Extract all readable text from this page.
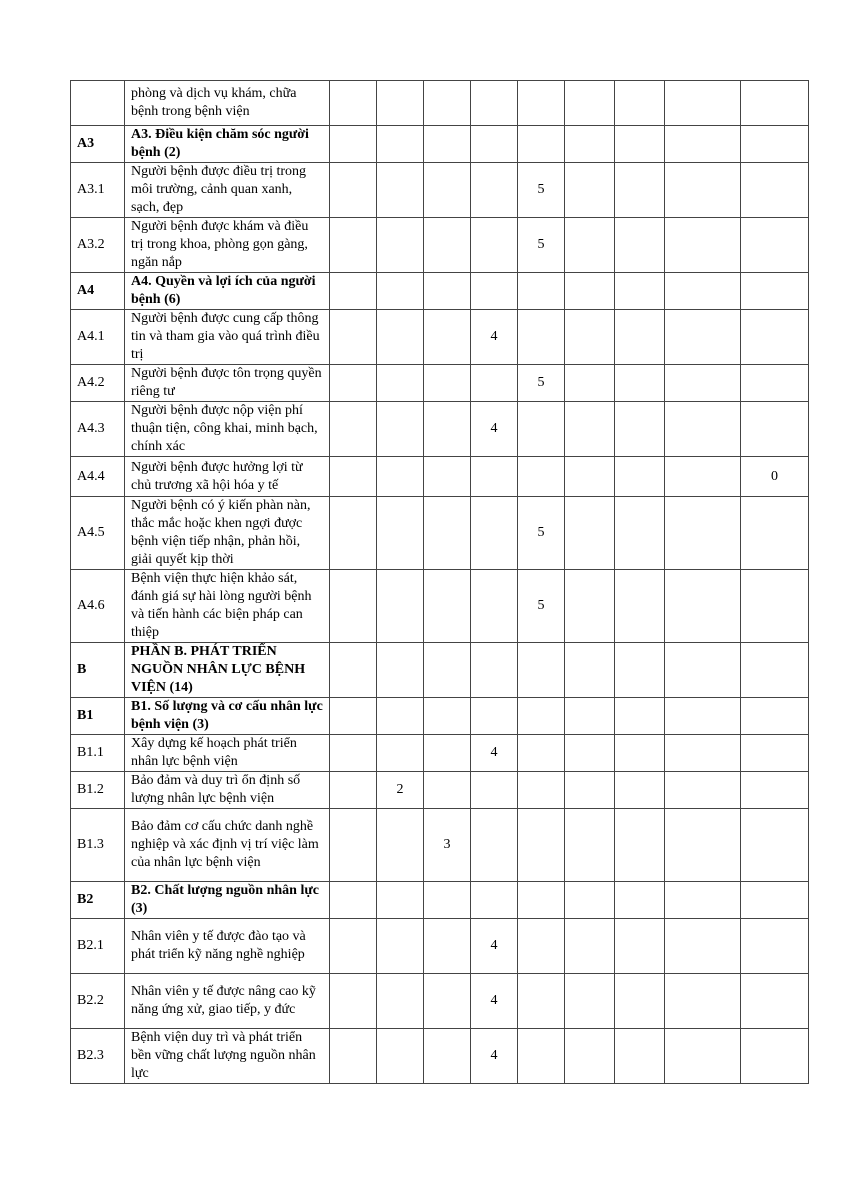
	phòng và dịch vụ khám, chữa bệnh trong bệnh viện									
A3	A3. Điều kiện chăm sóc người bệnh (2)									
A3.1	Người bệnh được điều trị trong môi trường, cảnh quan xanh, sạch, đẹp					5				
A3.2	Người bệnh được khám và điều trị trong khoa, phòng gọn gàng, ngăn nắp					5				
A4	A4. Quyền và lợi ích của người bệnh (6)									
A4.1	Người bệnh được cung cấp thông tin và tham gia vào quá trình điều trị				4					
A4.2	Người bệnh được tôn trọng quyền riêng tư					5				
A4.3	Người bệnh được nộp viện phí thuận tiện, công khai, minh bạch, chính xác				4					
A4.4	Người bệnh được hưởng lợi từ chủ trương xã hội hóa y tế									0
A4.5	Người bệnh có ý kiến phàn nàn, thắc mắc hoặc khen ngợi được bệnh viện tiếp nhận, phản hồi, giải quyết kịp thời					5				
A4.6	Bệnh viện thực hiện khảo sát, đánh giá sự hài lòng người bệnh và tiến hành các biện pháp can thiệp					5				
B	PHẦN B. PHÁT TRIỂN NGUỒN NHÂN LỰC BỆNH VIỆN (14)									
B1	B1. Số lượng và cơ cấu nhân lực bệnh viện (3)									
B1.1	Xây dựng kế hoạch phát triển nhân lực bệnh viện				4					
B1.2	Bảo đảm và duy trì ổn định số lượng nhân lực bệnh viện		2							
B1.3	Bảo đảm cơ cấu chức danh nghề nghiệp và xác định vị trí việc làm của nhân lực bệnh viện			3						
B2	B2. Chất lượng nguồn nhân lực (3)									
B2.1	Nhân viên y tế được đào tạo và phát triển kỹ năng nghề nghiệp				4					
B2.2	Nhân viên y tế được nâng cao kỹ năng ứng xử, giao tiếp, y đức				4					
B2.3	Bệnh viện duy trì và phát triển bền vững chất lượng nguồn nhân lực				4					
